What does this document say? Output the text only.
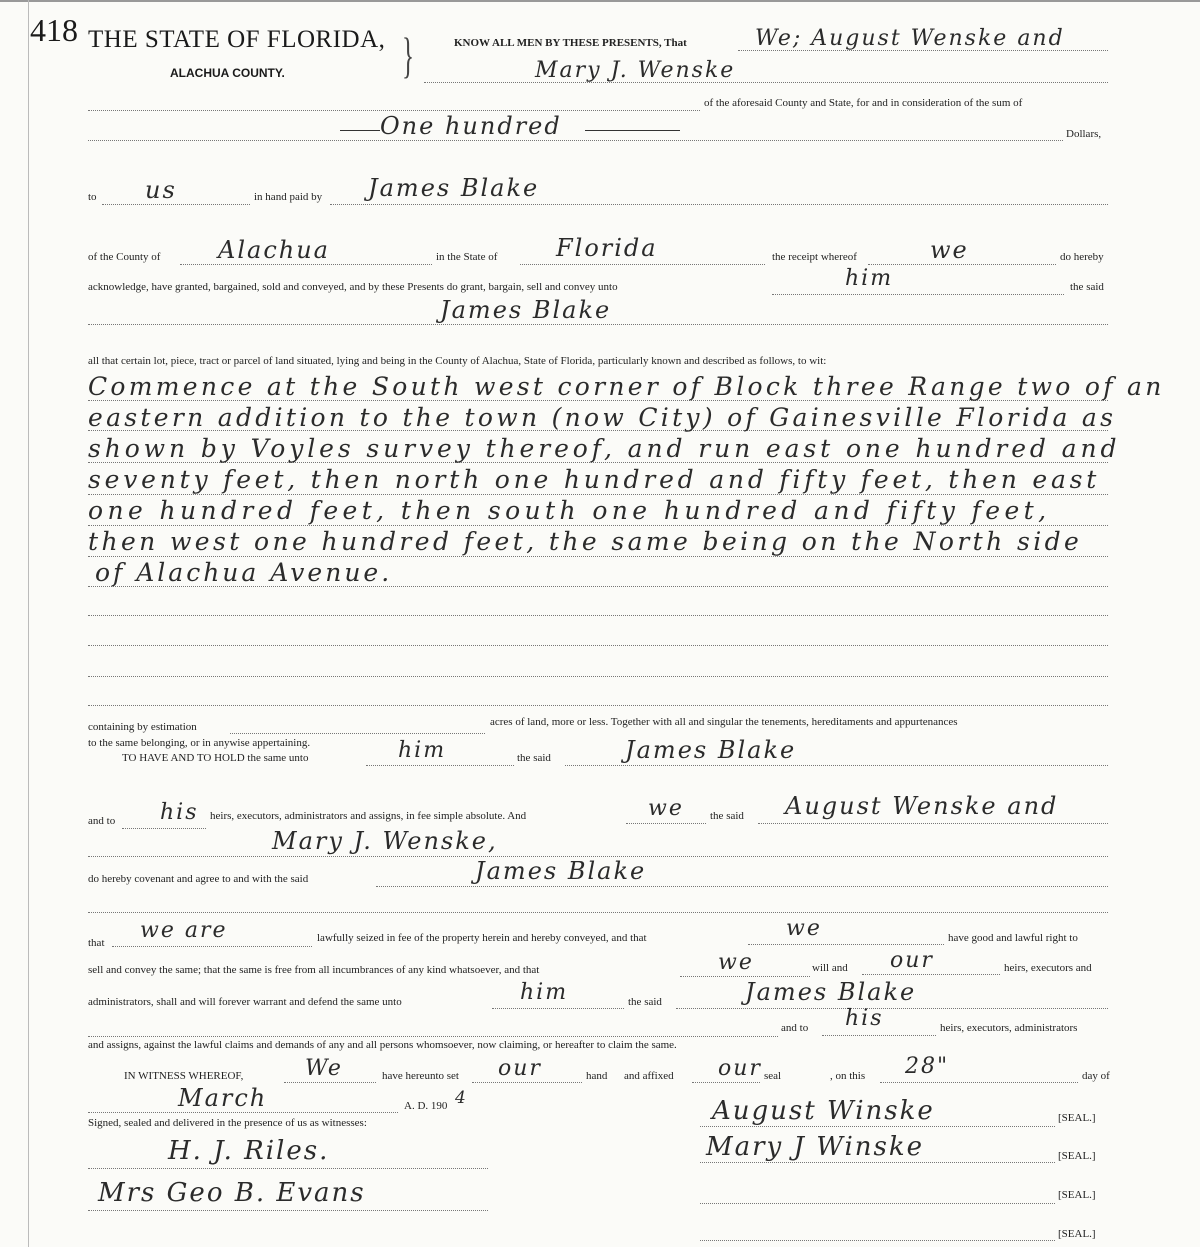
418 THE STATE OF FLORIDA,
ALACHUA COUNTY. }	KNOW ALL MEN BY THESE PRESENTS, That	We; August Wenske and
Mary J. Wenske
of the aforesaid County and State, for and in consideration of the sum of
One hundred	Dollars,
to us	in hand paid by James Blake
of the County of Alachua	in the State of Florida	the receipt whereof	we	do hereby
acknowledge, have granted, bargained, sold and conveyed, and by these Presents do grant, bargain, sell and convey unto	him	the said
James Blake
all that certain lot, piece, tract or parcel of land situated, lying and being in the County of Alachua, State of Florida, particularly known and described as follows, to wit:
Commence at the South west corner of Block three Range two of an
eastern addition to the town (now City) of Gainesville Florida as
shown by Voyles survey thereof, and run east one hundred and
seventy feet, then north one hundred and fifty feet, then east
one hundred feet, then south one hundred and fifty feet,
then west one hundred feet, the same being on the North side
of Alachua Avenue.
containing by estimation	acres of land, more or less. Together with all and singular the tenements, hereditaments and appurtenances
to the same belonging, or in anywise appertaining.
TO HAVE AND TO HOLD the same unto	him	the said	James Blake
and to his heirs, executors, administrators and assigns, in fee simple absolute. And	we the said August Wenske and
Mary J. Wenske,
do hereby covenant and agree to and with the said	James Blake
that we are	lawfully seized in fee of the property herein and hereby conveyed, and that	we	have good and lawful right to
sell and convey the same; that the same is free from all incumbrances of any kind whatsoever, and that	we	will and our	heirs, executors and
administrators, shall and will forever warrant and defend the same unto	him	the said	James Blake
and to his	heirs, executors, administrators
and assigns, against the lawful claims and demands of any and all persons whomsoever, now claiming, or hereafter to claim the same.
IN WITNESS WHEREOF,	We	have hereunto set our	hand and affixed our seal	, on this 28"	day of
March	A. D. 190 4
Signed, sealed and delivered in the presence of us as witnesses:
H. J. Riles.
Mrs Geo B. Evans
August Winske	[SEAL.]
Mary J Winske	[SEAL.]
[SEAL.]
[SEAL.]
